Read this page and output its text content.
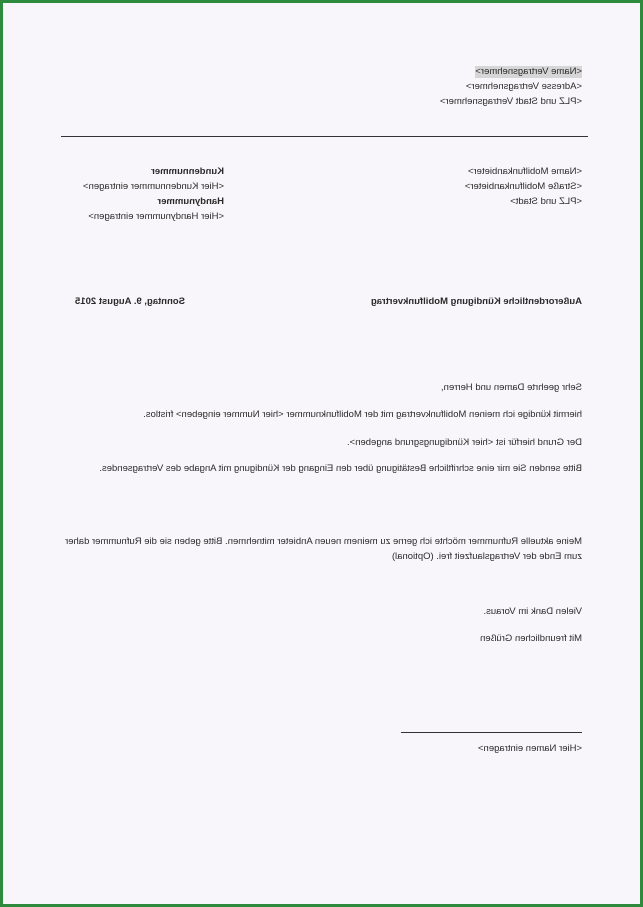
<Name Vertragsnehmer>
<Adresse Vertragsnehmer>
<PLZ und Stadt Vertragsnehmer>
<Name Mobilfunkanbieter>
<Straße Mobilfunkanbieter>
<PLZ und Stadt>
Kundennummer
<Hier Kundennummer eintragen>
Handynummer
<Hier Handynummer eintragen>
Außerordentliche Kündigung Mobilfunkvertrag
Sonntag, 9. August 2015
Sehr geehrte Damen und Herren,
hiermit kündige ich meinen Mobilfunkvertrag mit der Mobilfunknummer <hier Nummer eingeben> fristlos.
Der Grund hierfür ist <hier Kündigungsgrund angeben>.
Bitte senden Sie mir eine schriftliche Bestätigung über den Eingang der Kündigung mit Angabe des Vertragsendes.
Meine aktuelle Rufnummer möchte ich gerne zu meinem neuen Anbieter mitnehmen. Bitte geben sie die Rufnummer daher zum Ende der Vertragslaufzeit frei. (Optional)
Vielen Dank im Voraus.
Mit freundlichen Grüßen
<Hier Namen eintragen>
